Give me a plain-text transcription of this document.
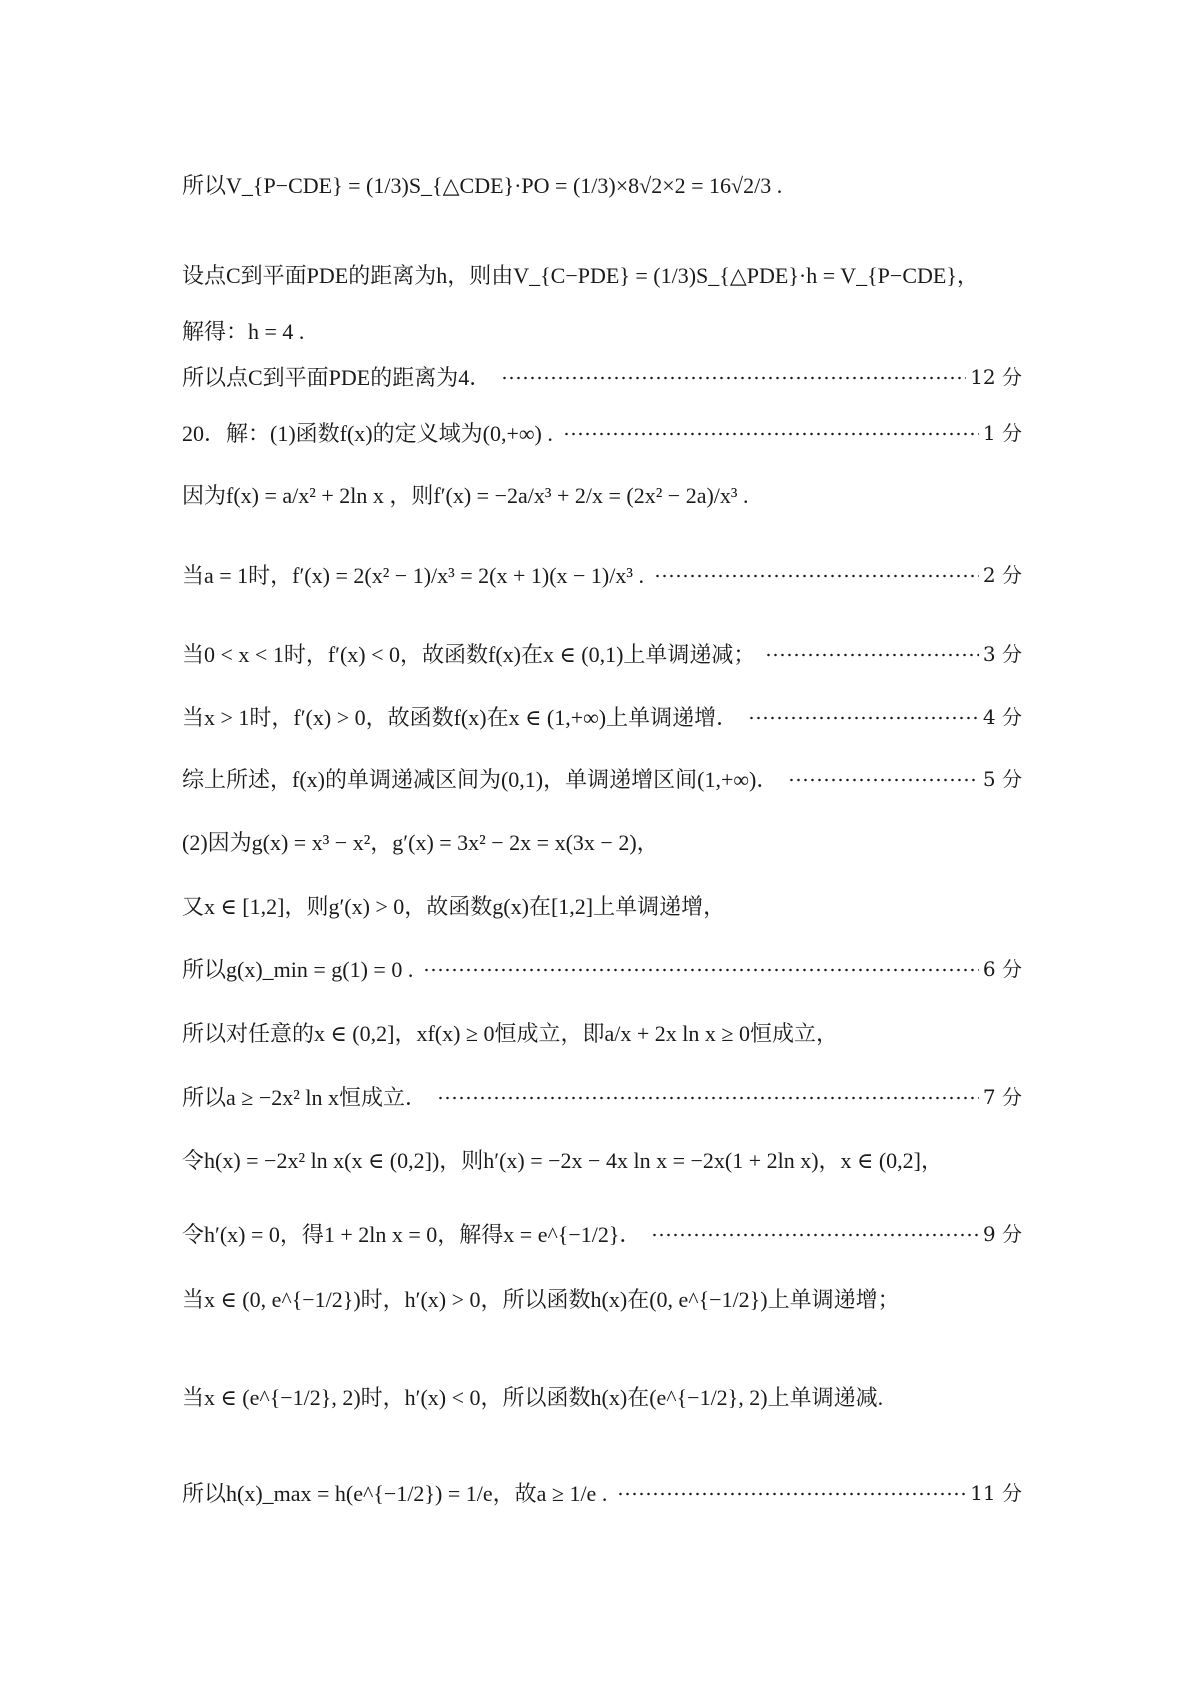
所以V_{P−CDE} = (1/3)S_{△CDE}·PO = (1/3)×8√2×2 = 16√2/3 .
设点C到平面PDE的距离为h，则由V_{C−PDE} = (1/3)S_{△PDE}·h = V_{P−CDE}，
解得：h = 4 .
所以点C到平面PDE的距离为4．	12 分
20．解：(1)函数f(x)的定义域为(0,+∞) .	1 分
因为f(x) = a/x² + 2ln x ，则f′(x) = −2a/x³ + 2/x = (2x² − 2a)/x³ .
当a = 1时，f′(x) = 2(x² − 1)/x³ = 2(x + 1)(x − 1)/x³ .	2 分
当0 < x < 1时，f′(x) < 0，故函数f(x)在x ∈ (0,1)上单调递减；	3 分
当x > 1时，f′(x) > 0，故函数f(x)在x ∈ (1,+∞)上单调递增．	4 分
综上所述，f(x)的单调递减区间为(0,1)，单调递增区间(1,+∞)．	5 分
(2)因为g(x) = x³ − x²，g′(x) = 3x² − 2x = x(3x − 2)，
又x ∈ [1,2]，则g′(x) > 0，故函数g(x)在[1,2]上单调递增，
所以g(x)_min = g(1) = 0 .	6 分
所以对任意的x ∈ (0,2]，xf(x) ≥ 0恒成立，即a/x + 2x ln x ≥ 0恒成立，
所以a ≥ −2x² ln x恒成立．	7 分
令h(x) = −2x² ln x(x ∈ (0,2])，则h′(x) = −2x − 4x ln x = −2x(1 + 2ln x)，x ∈ (0,2]，
令h′(x) = 0，得1 + 2ln x = 0，解得x = e^{−1/2}．	9 分
当x ∈ (0, e^{−1/2})时，h′(x) > 0，所以函数h(x)在(0, e^{−1/2})上单调递增；
当x ∈ (e^{−1/2}, 2)时，h′(x) < 0，所以函数h(x)在(e^{−1/2}, 2)上单调递减.
所以h(x)_max = h(e^{−1/2}) = 1/e，故a ≥ 1/e .	11 分
